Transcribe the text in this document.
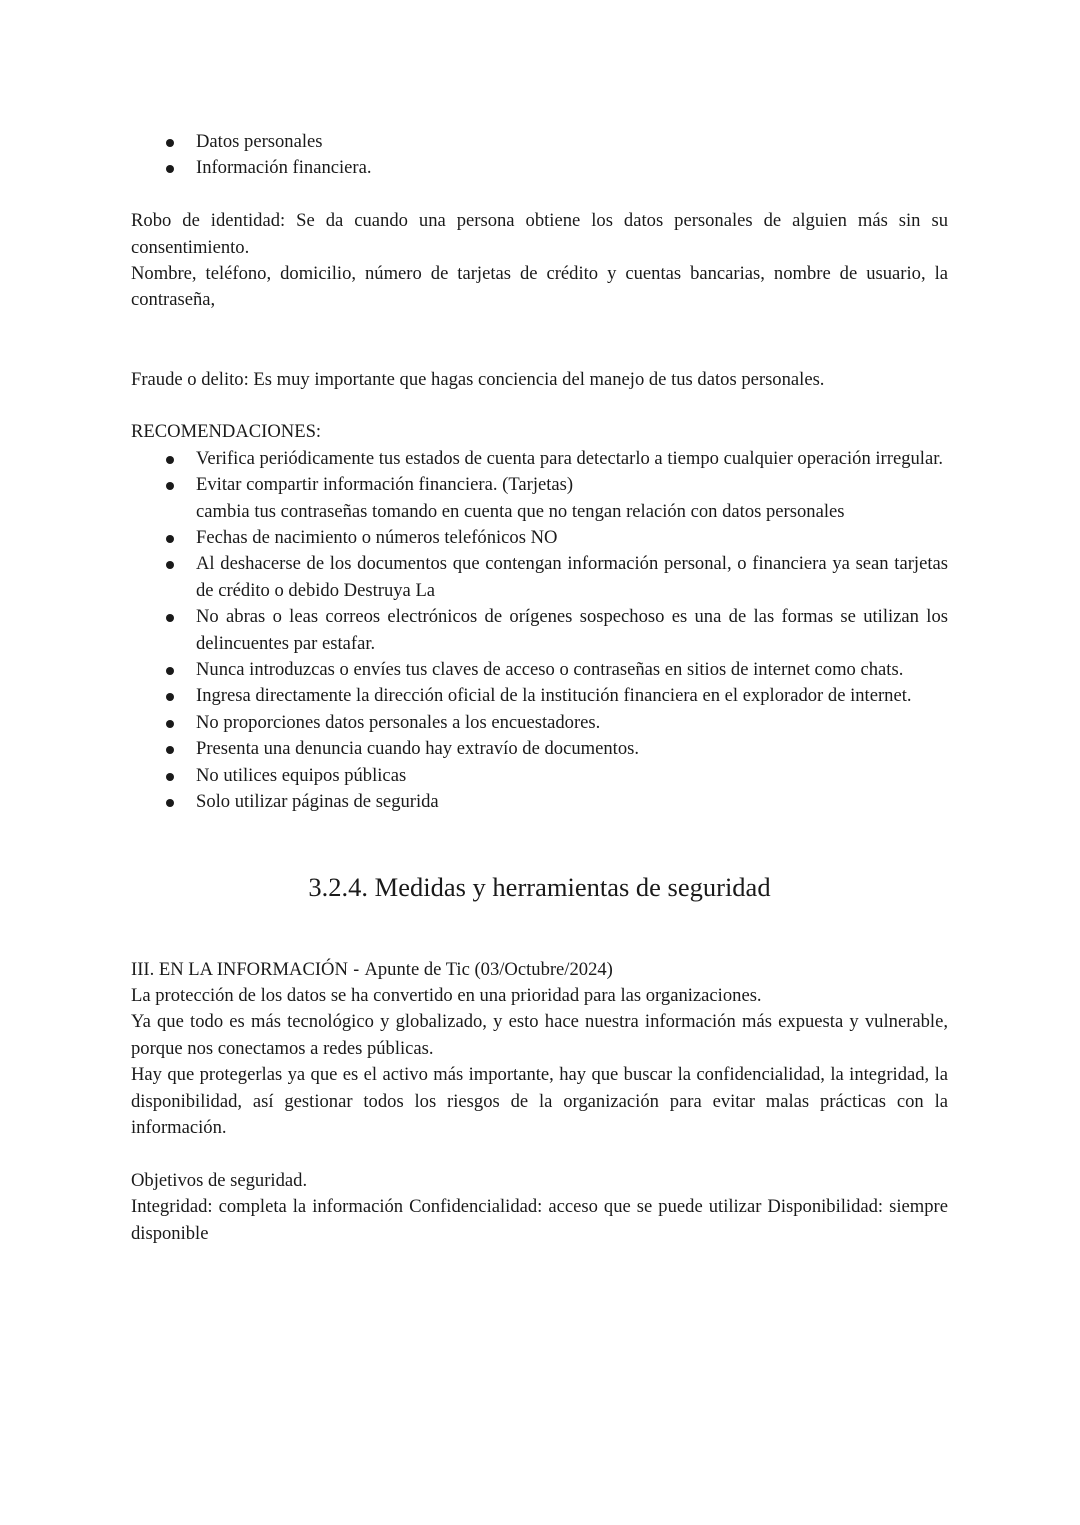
Datos personales
Información financiera.

Robo de identidad: Se da cuando una persona obtiene los datos personales de alguien más sin su consentimiento.

Nombre, teléfono, domicilio, número de tarjetas de crédito y cuentas bancarias, nombre de usuario, la contraseña,

Fraude o delito: Es muy importante que hagas conciencia del manejo de tus datos personales.

RECOMENDACIONES:

Verifica periódicamente tus estados de cuenta para detectarlo a tiempo cualquier operación irregular.
Evitar compartir información financiera. (Tarjetas)
cambia tus contraseñas tomando en cuenta que no tengan relación con datos personales
Fechas de nacimiento o números telefónicos NO
Al deshacerse de los documentos que contengan información personal, o financiera ya sean tarjetas de crédito o debido Destruya La
No abras o leas correos electrónicos de orígenes sospechoso es una de las formas se utilizan los delincuentes par estafar.
Nunca introduzcas o envíes tus claves de acceso o contraseñas en sitios de internet como chats.
Ingresa directamente la dirección oficial de la institución financiera en el explorador de internet.
No proporciones datos personales a los encuestadores.
Presenta una denuncia cuando hay extravío de documentos.
No utilices equipos públicas
Solo utilizar páginas de segurida
3.2.4. Medidas y herramientas de seguridad

III. EN LA INFORMACIÓN - Apunte de Tic (03/Octubre/2024)

La protección de los datos se ha convertido en una prioridad para las organizaciones.

Ya que todo es más tecnológico y globalizado, y esto hace nuestra información más expuesta y vulnerable, porque nos conectamos a redes públicas.

Hay que protegerlas ya que es el activo más importante, hay que buscar la confidencialidad, la integridad, la disponibilidad, así gestionar todos los riesgos de la organización para evitar malas prácticas con la información.

Objetivos de seguridad.

Integridad: completa la información Confidencialidad: acceso que se puede utilizar Disponibilidad: siempre disponible
